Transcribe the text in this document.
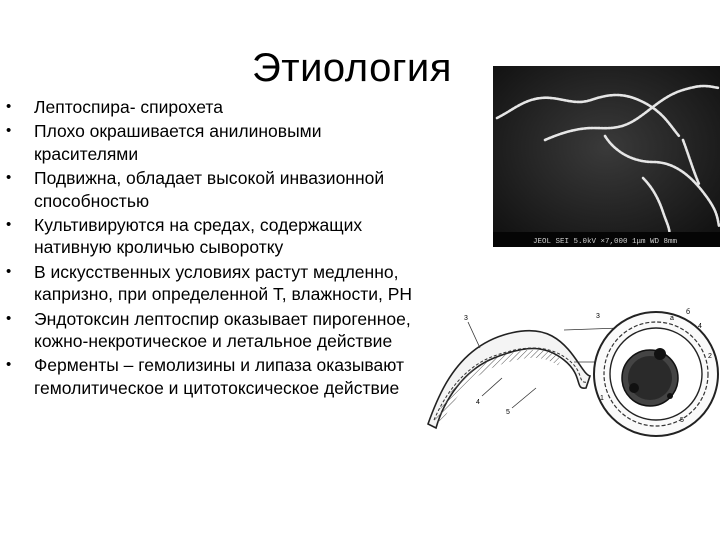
Этиология
• Лептоспира- спирохета
• Плохо окрашивается анилиновыми красителями
• Подвижна, обладает высокой инвазионной способностью
• Культивируются на средах, содержащих нативную кроличью сыворотку
• В искусственных условиях растут медленно, капризно, при определенной Т, влажности, РН
• Эндотоксин лептоспир оказывает пирогенное, кожно-некротическое и летальное действие
• Ферменты – гемолизины и липаза оказывают гемолитическое и цитотоксическое действие
JEOL SEI 5.0kV ×7,000 1μm WD 8mm
3
4
5
3
б
4
а
2
1
5
